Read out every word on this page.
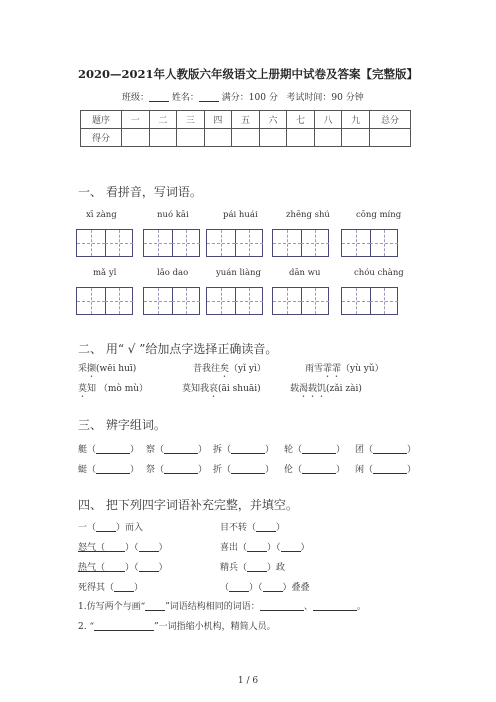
2020—2021年人教版六年级语文上册期中试卷及答案【完整版】
班级：	姓名：	满分：100 分 考试时间：90 分钟
题序	一	二	三	四	五	六	七	八	九	总分
得分										
一、 看拼音，写词语。
xī zàng	nuó kāi	pái huái	zhēng shú	cōng míng
mǎ yǐ	lǎo dao	yuán liàng	dān wu	chóu chàng
二、 用“ √ ”给加点字选择正确读音。
采撷(wēi huī)	昔我往矣（yǐ yì）	雨雪霏霏（yù yǔ）
莫知 （mò mù）	莫知我哀(āi shuāi)	载渴载饥(zǎi zài)
三、 辨字组词。
艇（	） 察（	） 拆（	） 轮（	） 团（	）
蜓（	） 祭（	） 折（	） 伦（	） 闲（	）
四、 把下列四字词语补充完整，并填空。
一（ ）而入	目不转（ ）
怒气（ ）（ ）	喜出（ ）（ ）
热气（ ）（ ）	精兵（ ）政
死得其（ ）	（ ）（ ）叠叠
1.仿写两个与画“ ”词语结构相同的词语：	、	。
2. “	”一词指缩小机构，精简人员。
1 / 6
